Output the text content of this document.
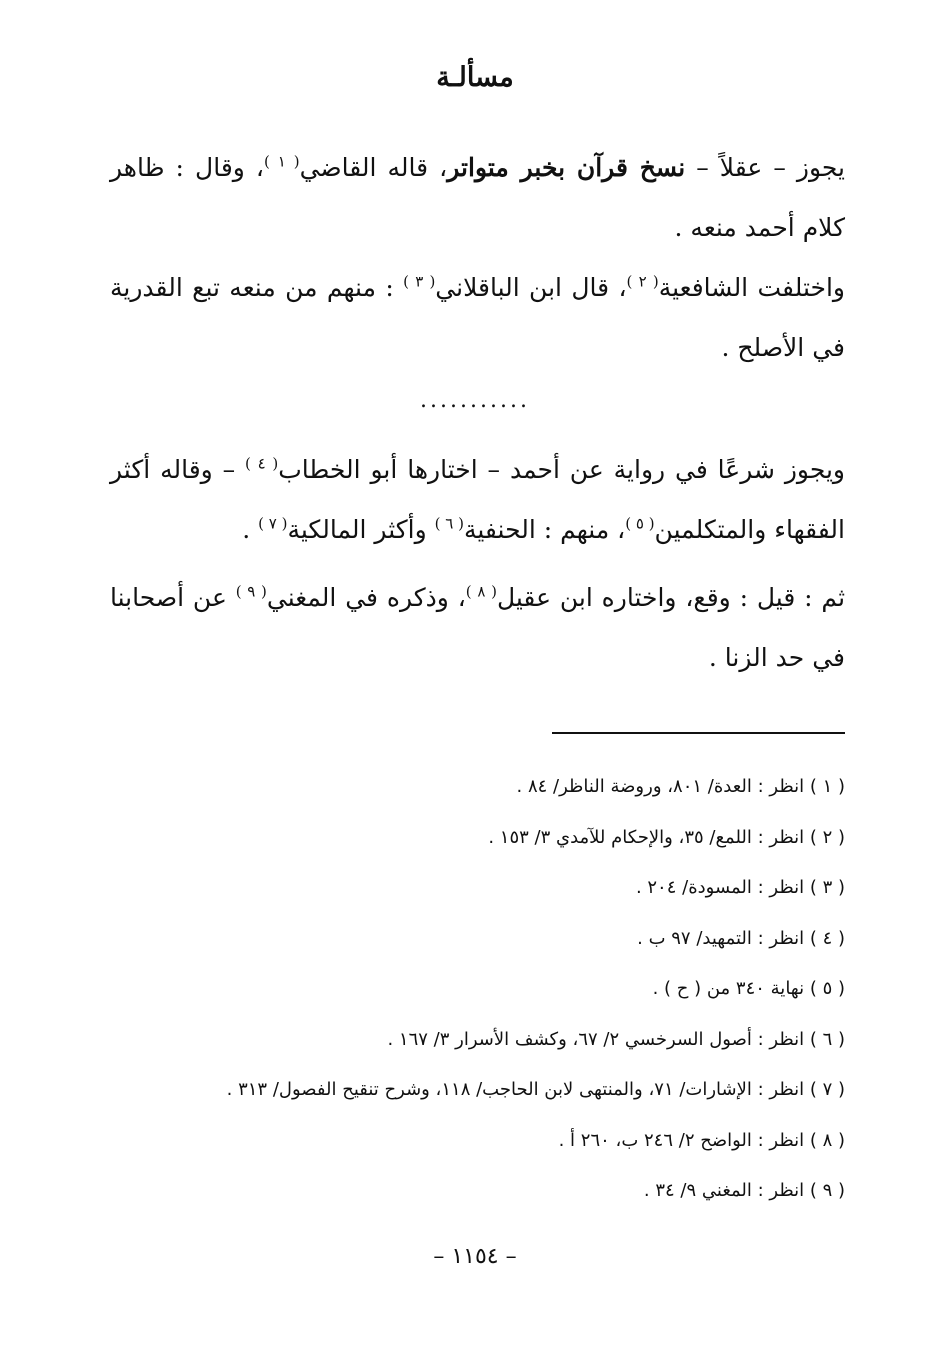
مسألـة
يجوز – عقلاً – نسخ قرآن بخبر متواتر، قاله القاضي$^{( ١ )}$، وقال : ظاهر كلام أحمد منعه .
واختلفت الشافعية$^{( ٢ )}$، قال ابن الباقلاني$^{( ٣ )}$ : منهم من منعه تبع القدرية في الأصلح .
...........
ويجوز شرعًا في رواية عن أحمد – اختارها أبو الخطاب$^{( ٤ )}$ – وقاله أكثر الفقهاء والمتكلمين$^{( ٥ )}$، منهم : الحنفية$^{( ٦ )}$ وأكثر المالكية$^{( ٧ )}$ .
ثم : قيل : وقع، واختاره ابن عقيل$^{( ٨ )}$، وذكره في المغني$^{( ٩ )}$ عن أصحابنا في حد الزنا .
( ١ ) انظر : العدة/ ٨٠١، وروضة الناظر/ ٨٤ .
( ٢ ) انظر : اللمع/ ٣٥، والإحكام للآمدي ٣/ ١٥٣ .
( ٣ ) انظر : المسودة/ ٢٠٤ .
( ٤ ) انظر : التمهيد/ ٩٧ ب .
( ٥ ) نهاية ٣٤٠ من ( ح ) .
( ٦ ) انظر : أصول السرخسي ٢/ ٦٧، وكشف الأسرار ٣/ ١٦٧ .
( ٧ ) انظر : الإشارات/ ٧١، والمنتهى لابن الحاجب/ ١١٨، وشرح تنقيح الفصول/ ٣١٣ .
( ٨ ) انظر : الواضح ٢/ ٢٤٦ ب، ٢٦٠ أ .
( ٩ ) انظر : المغني ٩/ ٣٤ .
– ١١٥٤ –
